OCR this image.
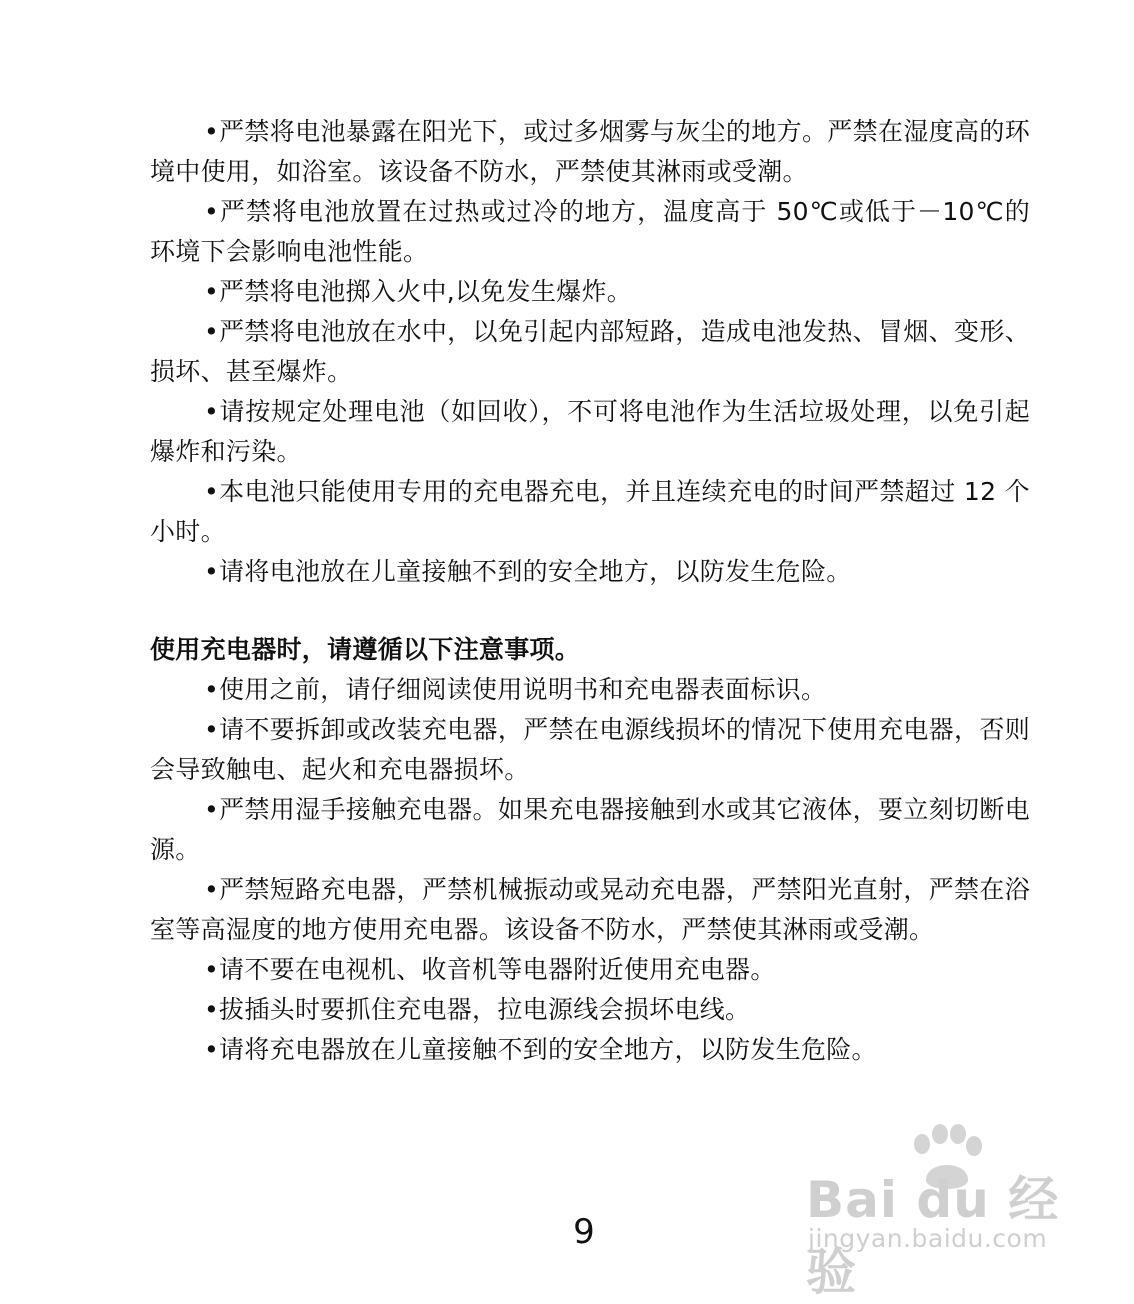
•严禁将电池暴露在阳光下，或过多烟雾与灰尘的地方。严禁在湿度高的环境中使用，如浴室。该设备不防水，严禁使其淋雨或受潮。

•严禁将电池放置在过热或过冷的地方，温度高于 50℃或低于－10℃的环境下会影响电池性能。

•严禁将电池掷入火中,以免发生爆炸。

•严禁将电池放在水中，以免引起内部短路，造成电池发热、冒烟、变形、损坏、甚至爆炸。

•请按规定处理电池（如回收），不可将电池作为生活垃圾处理，以免引起爆炸和污染。

•本电池只能使用专用的充电器充电，并且连续充电的时间严禁超过 12 个小时。

•请将电池放在儿童接触不到的安全地方，以防发生危险。

使用充电器时，请遵循以下注意事项。

•使用之前，请仔细阅读使用说明书和充电器表面标识。

•请不要拆卸或改装充电器，严禁在电源线损坏的情况下使用充电器，否则会导致触电、起火和充电器损坏。

•严禁用湿手接触充电器。如果充电器接触到水或其它液体，要立刻切断电源。

•严禁短路充电器，严禁机械振动或晃动充电器，严禁阳光直射，严禁在浴室等高湿度的地方使用充电器。该设备不防水，严禁使其淋雨或受潮。

•请不要在电视机、收音机等电器附近使用充电器。

•拔插头时要抓住充电器，拉电源线会损坏电线。

•请将充电器放在儿童接触不到的安全地方，以防发生危险。

Bai du 经验
jingyan.baidu.com
9
